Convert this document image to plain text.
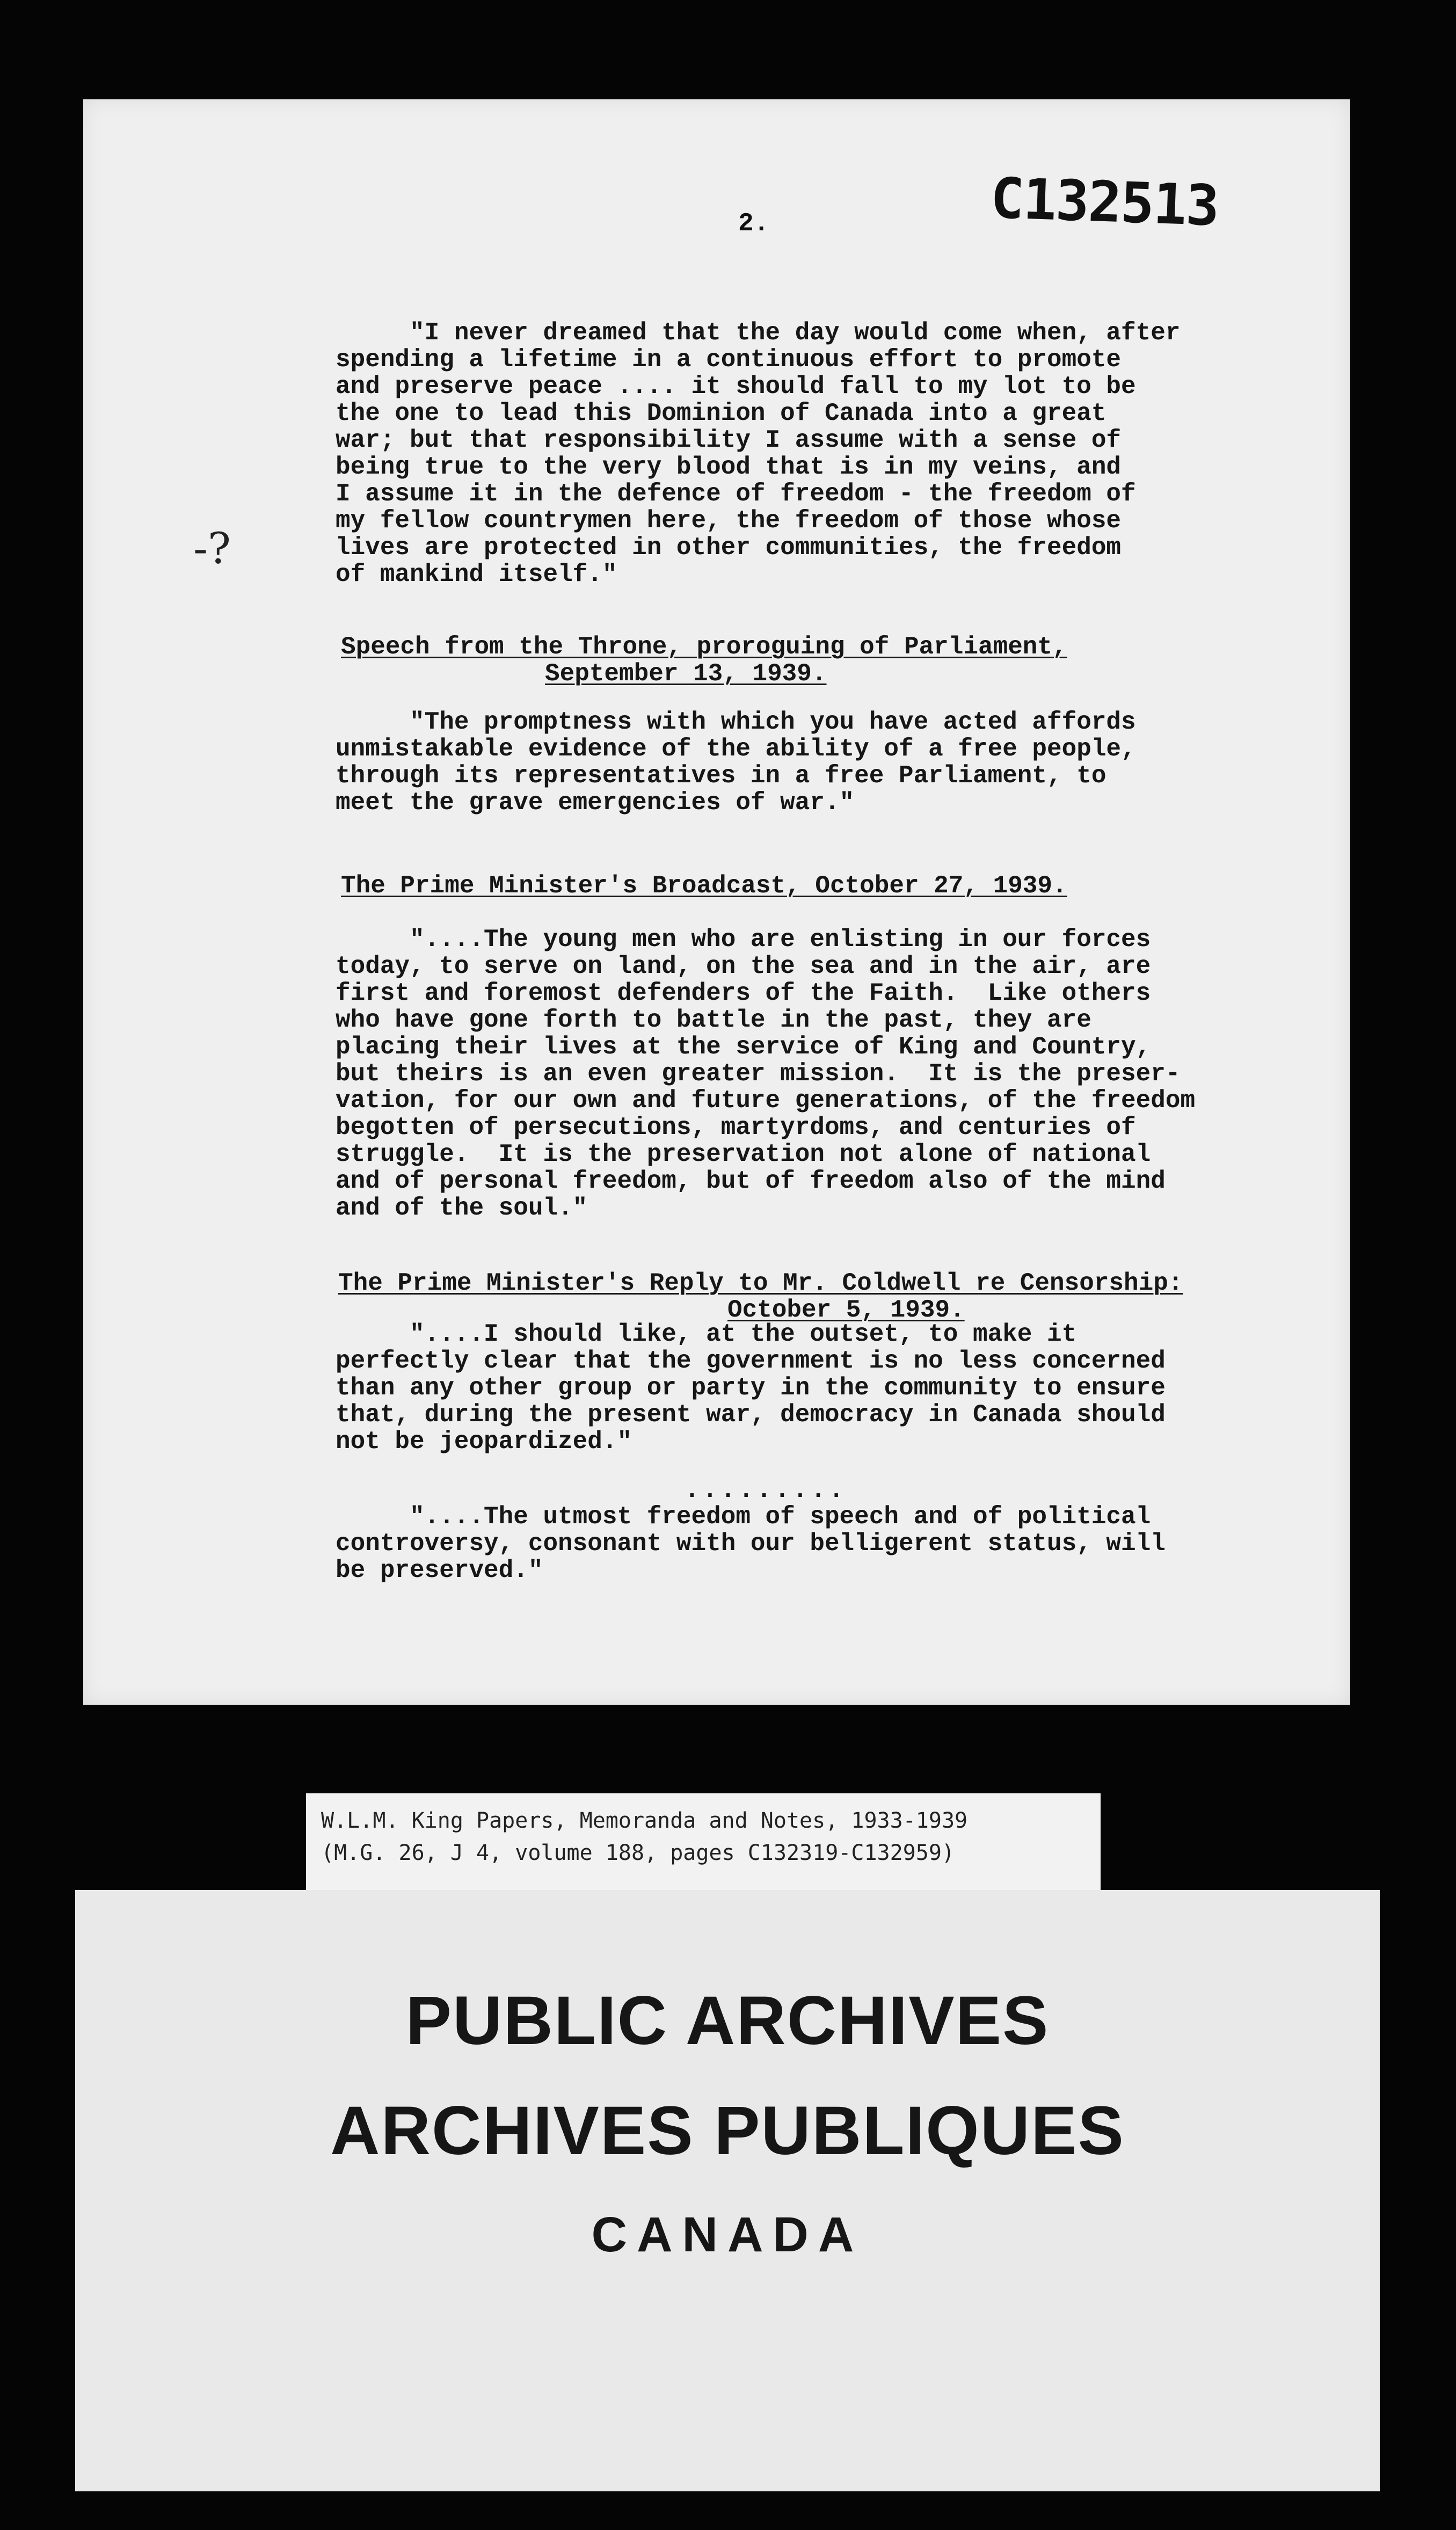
2.	C132513
-?
"I never dreamed that the day would come when, after
spending a lifetime in a continuous effort to promote
and preserve peace .... it should fall to my lot to be
the one to lead this Dominion of Canada into a great
war; but that responsibility I assume with a sense of
being true to the very blood that is in my veins, and
I assume it in the defence of freedom - the freedom of
my fellow countrymen here, the freedom of those whose
lives are protected in other communities, the freedom
of mankind itself."
Speech from the Throne, proroguing of Parliament,
September 13, 1939.
"The promptness with which you have acted affords
unmistakable evidence of the ability of a free people,
through its representatives in a free Parliament, to
meet the grave emergencies of war."
The Prime Minister's Broadcast, October 27, 1939.
"....The young men who are enlisting in our forces
today, to serve on land, on the sea and in the air, are
first and foremost defenders of the Faith.  Like others
who have gone forth to battle in the past, they are
placing their lives at the service of King and Country,
but theirs is an even greater mission.  It is the preser-
vation, for our own and future generations, of the freedom
begotten of persecutions, martyrdoms, and centuries of
struggle.  It is the preservation not alone of national
and of personal freedom, but of freedom also of the mind
and of the soul."
The Prime Minister's Reply to Mr. Coldwell re Censorship:
October 5, 1939.
"....I should like, at the outset, to make it
perfectly clear that the government is no less concerned
than any other group or party in the community to ensure
that, during the present war, democracy in Canada should
not be jeopardized."
.........
"....The utmost freedom of speech and of political
controversy, consonant with our belligerent status, will
be preserved."
W.L.M. King Papers, Memoranda and Notes, 1933-1939
(M.G. 26, J 4, volume 188, pages C132319-C132959)
PUBLIC ARCHIVES
ARCHIVES PUBLIQUES
CANADA
